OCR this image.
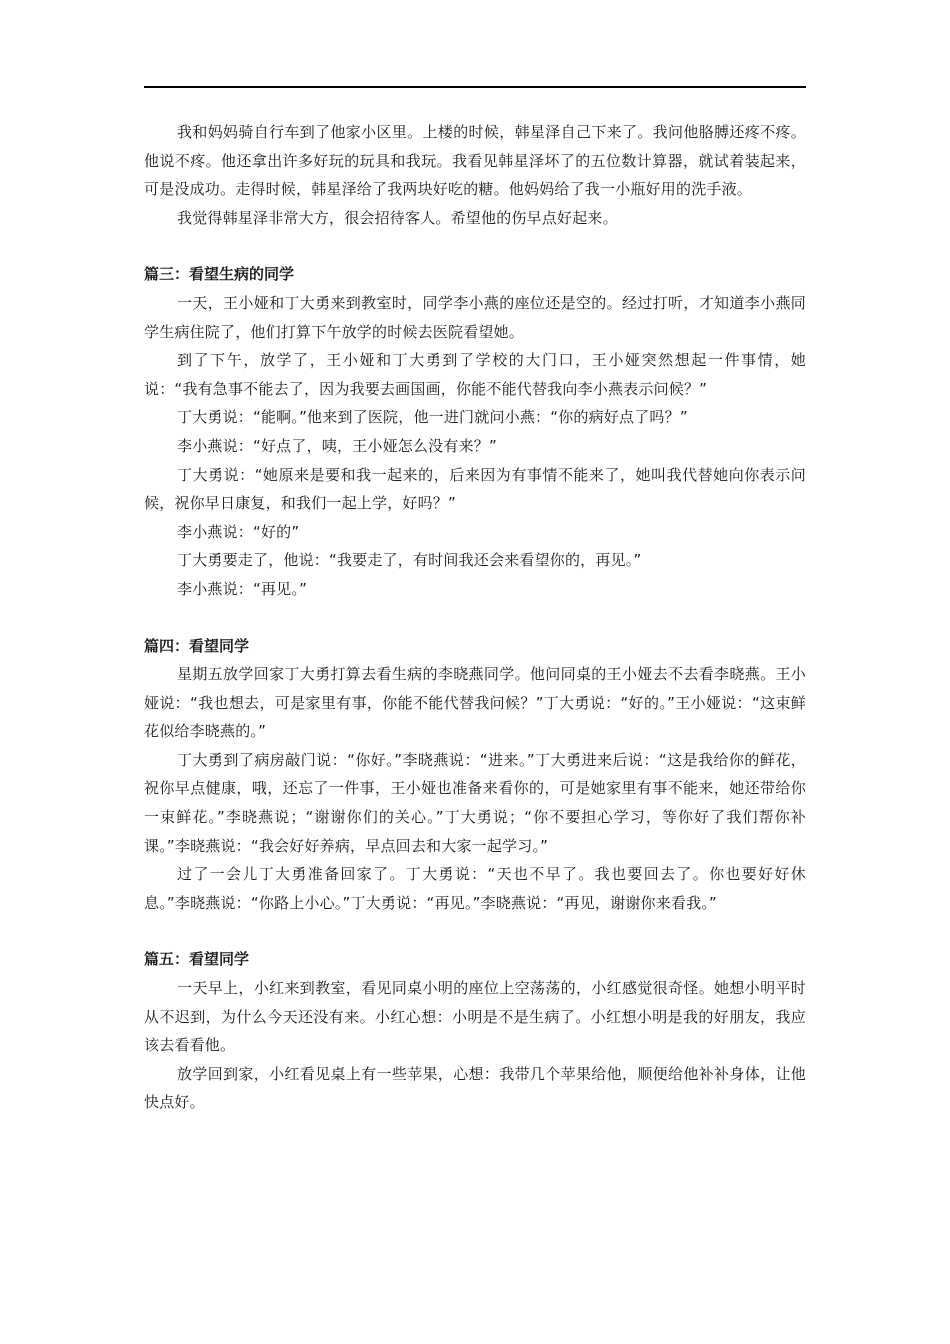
我和妈妈骑自行车到了他家小区里。上楼的时候，韩星泽自己下来了。我问他胳膊还疼不疼。他说不疼。他还拿出许多好玩的玩具和我玩。我看见韩星泽坏了的五位数计算器，就试着装起来，可是没成功。走得时候，韩星泽给了我两块好吃的糖。他妈妈给了我一小瓶好用的洗手液。

我觉得韩星泽非常大方，很会招待客人。希望他的伤早点好起来。

篇三：看望生病的同学

一天，王小娅和丁大勇来到教室时，同学李小燕的座位还是空的。经过打听，才知道李小燕同学生病住院了，他们打算下午放学的时候去医院看望她。

到了下午，放学了，王小娅和丁大勇到了学校的大门口，王小娅突然想起一件事情，她说：“我有急事不能去了，因为我要去画国画，你能不能代替我向李小燕表示问候？”

丁大勇说：“能啊。”他来到了医院，他一进门就问小燕：“你的病好点了吗？”

李小燕说：“好点了，咦，王小娅怎么没有来？”

丁大勇说：“她原来是要和我一起来的，后来因为有事情不能来了，她叫我代替她向你表示问候，祝你早日康复，和我们一起上学，好吗？”

李小燕说：“好的”

丁大勇要走了，他说：“我要走了，有时间我还会来看望你的，再见。”

李小燕说：“再见。”

篇四：看望同学

星期五放学回家丁大勇打算去看生病的李晓燕同学。他问同桌的王小娅去不去看李晓燕。王小娅说：“我也想去，可是家里有事，你能不能代替我问候？”丁大勇说：“好的。”王小娅说：“这束鲜花似给李晓燕的。”

丁大勇到了病房敲门说：“你好。”李晓燕说：“进来。”丁大勇进来后说：“这是我给你的鲜花，祝你早点健康，哦，还忘了一件事，王小娅也准备来看你的，可是她家里有事不能来，她还带给你一束鲜花。”李晓燕说；“谢谢你们的关心。”丁大勇说；“你不要担心学习，等你好了我们帮你补课。”李晓燕说：“我会好好养病，早点回去和大家一起学习。”

过了一会儿丁大勇准备回家了。丁大勇说：“天也不早了。我也要回去了。你也要好好休息。”李晓燕说：“你路上小心。”丁大勇说：“再见。”李晓燕说：“再见，谢谢你来看我。”

篇五：看望同学

一天早上，小红来到教室，看见同桌小明的座位上空荡荡的，小红感觉很奇怪。她想小明平时从不迟到，为什么今天还没有来。小红心想：小明是不是生病了。小红想小明是我的好朋友，我应该去看看他。

放学回到家，小红看见桌上有一些苹果，心想：我带几个苹果给他，顺便给他补补身体，让他快点好。
